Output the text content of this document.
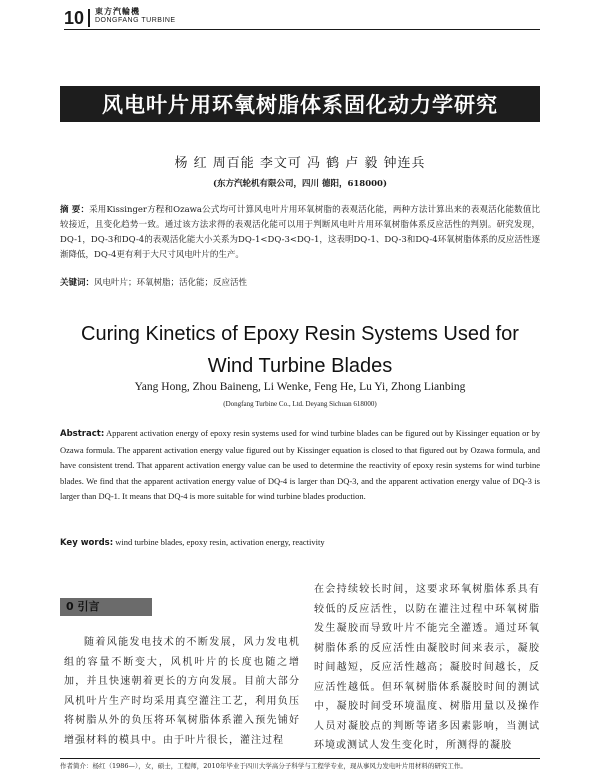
10 東方汽輪機
DONGFANG TURBINE
风电叶片用环氧树脂体系固化动力学研究
杨 红 周百能 李文可 冯 鹤 卢 毅 钟连兵
(东方汽轮机有限公司，四川 德阳，618000)
摘 要：采用Kissinger方程和Ozawa公式均可计算风电叶片用环氧树脂的表观活化能，两种方法计算出来的表观活化能数值比较接近，且变化趋势一致。通过该方法求得的表观活化能可以用于判断风电叶片用环氧树脂体系反应活性的判别。研究发现，DQ-1，DQ-3和DQ-4的表观活化能大小关系为DQ-1<DQ-3<DQ-1，这表明DQ-1、DQ-3和DQ-4环氧树脂体系的反应活性逐渐降低，DQ-4更有利于大尺寸风电叶片的生产。
关键词：风电叶片；环氧树脂；活化能；反应活性
Curing Kinetics of Epoxy Resin Systems Used for Wind Turbine Blades
Yang Hong, Zhou Baineng, Li Wenke, Feng He, Lu Yi, Zhong Lianbing
(Dongfang Turbine Co., Ltd. Deyang Sichuan 618000)
Abstract: Apparent activation energy of epoxy resin systems used for wind turbine blades can be figured out by Kissinger equation or by Ozawa formula. The apparent activation energy value figured out by Kissinger equation is closed to that figured out by Ozawa formula, and have consistent trend. That apparent activation energy value can be used to determine the reactivity of epoxy resin systems for wind turbine blades. We find that the apparent activation energy value of DQ-4 is larger than DQ-3, and the apparent activation energy value of DQ-3 is larger than DQ-1. It means that DQ-4 is more suitable for wind turbine blades production.
Key words: wind turbine blades, epoxy resin, activation energy, reactivity
0 引言
随着风能发电技术的不断发展，风力发电机组的容量不断变大，风机叶片的长度也随之增加，并且快速朝着更长的方向发展。目前大部分风机叶片生产时均采用真空灌注工艺，利用负压将树脂从外的负压将环氧树脂体系灌入预先铺好增强材料的模具中。由于叶片很长，灌注过程
在会持续较长时间，这要求环氧树脂体系具有较低的反应活性，以防在灌注过程中环氧树脂发生凝胶而导致叶片不能完全灌透。通过环氧树脂体系的反应活性由凝胶时间来表示，凝胶时间越短，反应活性越高；凝胶时间越长，反应活性越低。但环氧树脂体系凝胶时间的测试中，凝胶时间受环境温度、树脂用量以及操作人员对凝胶点的判断等诸多因素影响，当测试环境或测试人发生变化时，所测得的凝胶
作者简介：杨红（1986—），女，硕士，工程师，2010年毕业于四川大学高分子科学与工程学专业，现从事风力发电叶片用材料的研究工作。
